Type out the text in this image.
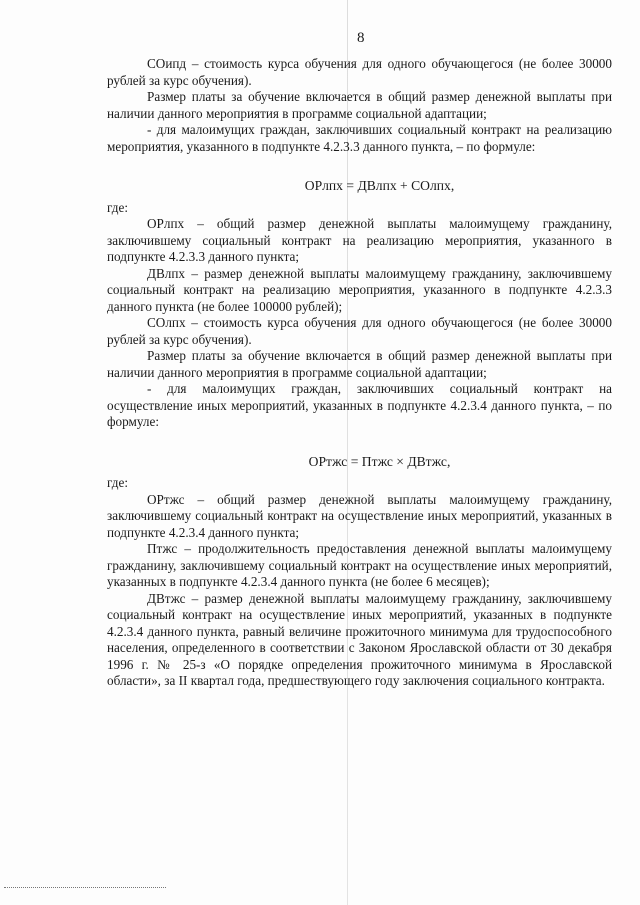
8

СОипд – стоимость курса обучения для одного обучающегося (не более 30000 рублей за курс обучения).

Размер платы за обучение включается в общий размер денежной выплаты при наличии данного мероприятия в программе социальной адаптации;

- для малоимущих граждан, заключивших социальный контракт на реализацию мероприятия, указанного в подпункте 4.2.3.3 данного пункта, – по формуле:

ОРлпх = ДВлпх + СОлпх,

где:

ОРлпх – общий размер денежной выплаты малоимущему гражданину, заключившему социальный контракт на реализацию мероприятия, указанного в подпункте 4.2.3.3 данного пункта;

ДВлпх – размер денежной выплаты малоимущему гражданину, заключившему социальный контракт на реализацию мероприятия, указанного в подпункте 4.2.3.3 данного пункта (не более 100000 рублей);

СОлпх – стоимость курса обучения для одного обучающегося (не более 30000 рублей за курс обучения).

Размер платы за обучение включается в общий размер денежной выплаты при наличии данного мероприятия в программе социальной адаптации;

- для малоимущих граждан, заключивших социальный контракт на осуществление иных мероприятий, указанных в подпункте 4.2.3.4 данного пункта, – по формуле:

ОРтжс = Птжс × ДВтжс,

где:

ОРтжс – общий размер денежной выплаты малоимущему гражданину, заключившему социальный контракт на осуществление иных мероприятий, указанных в подпункте 4.2.3.4 данного пункта;

Птжс – продолжительность предоставления денежной выплаты малоимущему гражданину, заключившему социальный контракт на осуществление иных мероприятий, указанных в подпункте 4.2.3.4 данного пункта (не более 6 месяцев);

ДВтжс – размер денежной выплаты малоимущему гражданину, заключившему социальный контракт на осуществление иных мероприятий, указанных в подпункте 4.2.3.4 данного пункта, равный величине прожиточного минимума для трудоспособного населения, определенного в соответствии с Законом Ярославской области от 30 декабря 1996 г. № 25-з «О порядке определения прожиточного минимума в Ярославской области», за II квартал года, предшествующего году заключения социального контракта.
